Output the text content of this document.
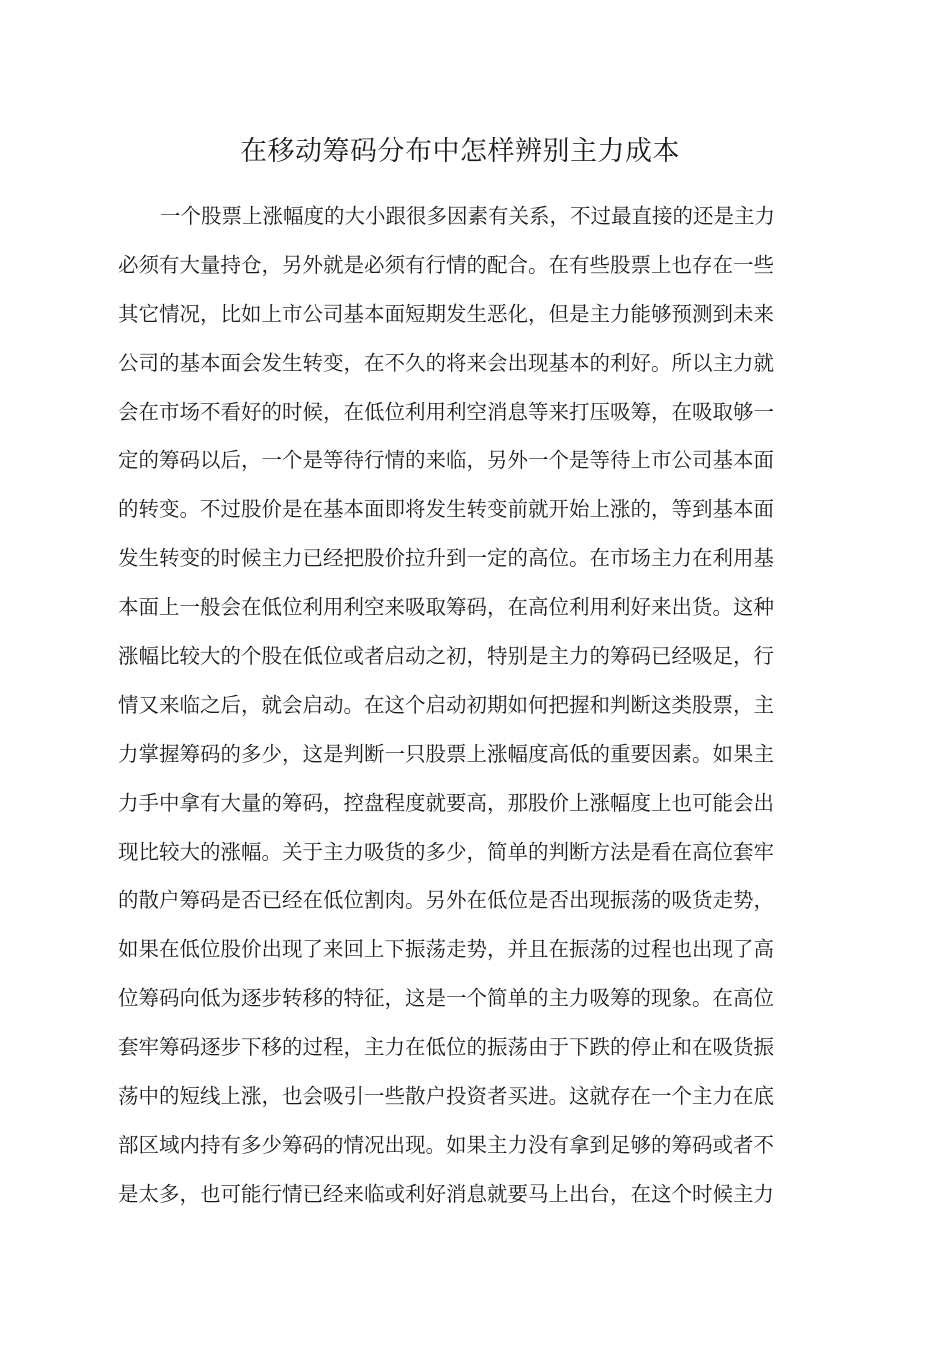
在移动筹码分布中怎样辨别主力成本
一个股票上涨幅度的大小跟很多因素有关系，不过最直接的还是主力
必须有大量持仓，另外就是必须有行情的配合。在有些股票上也存在一些
其它情况，比如上市公司基本面短期发生恶化，但是主力能够预测到未来
公司的基本面会发生转变，在不久的将来会出现基本的利好。所以主力就
会在市场不看好的时候，在低位利用利空消息等来打压吸筹，在吸取够一
定的筹码以后，一个是等待行情的来临，另外一个是等待上市公司基本面
的转变。不过股价是在基本面即将发生转变前就开始上涨的，等到基本面
发生转变的时候主力已经把股价拉升到一定的高位。在市场主力在利用基
本面上一般会在低位利用利空来吸取筹码，在高位利用利好来出货。这种
涨幅比较大的个股在低位或者启动之初，特别是主力的筹码已经吸足，行
情又来临之后，就会启动。在这个启动初期如何把握和判断这类股票，主
力掌握筹码的多少，这是判断一只股票上涨幅度高低的重要因素。如果主
力手中拿有大量的筹码，控盘程度就要高，那股价上涨幅度上也可能会出
现比较大的涨幅。关于主力吸货的多少，简单的判断方法是看在高位套牢
的散户筹码是否已经在低位割肉。另外在低位是否出现振荡的吸货走势，
如果在低位股价出现了来回上下振荡走势，并且在振荡的过程也出现了高
位筹码向低为逐步转移的特征，这是一个简单的主力吸筹的现象。在高位
套牢筹码逐步下移的过程，主力在低位的振荡由于下跌的停止和在吸货振
荡中的短线上涨，也会吸引一些散户投资者买进。这就存在一个主力在底
部区域内持有多少筹码的情况出现。如果主力没有拿到足够的筹码或者不
是太多，也可能行情已经来临或利好消息就要马上出台，在这个时候主力
